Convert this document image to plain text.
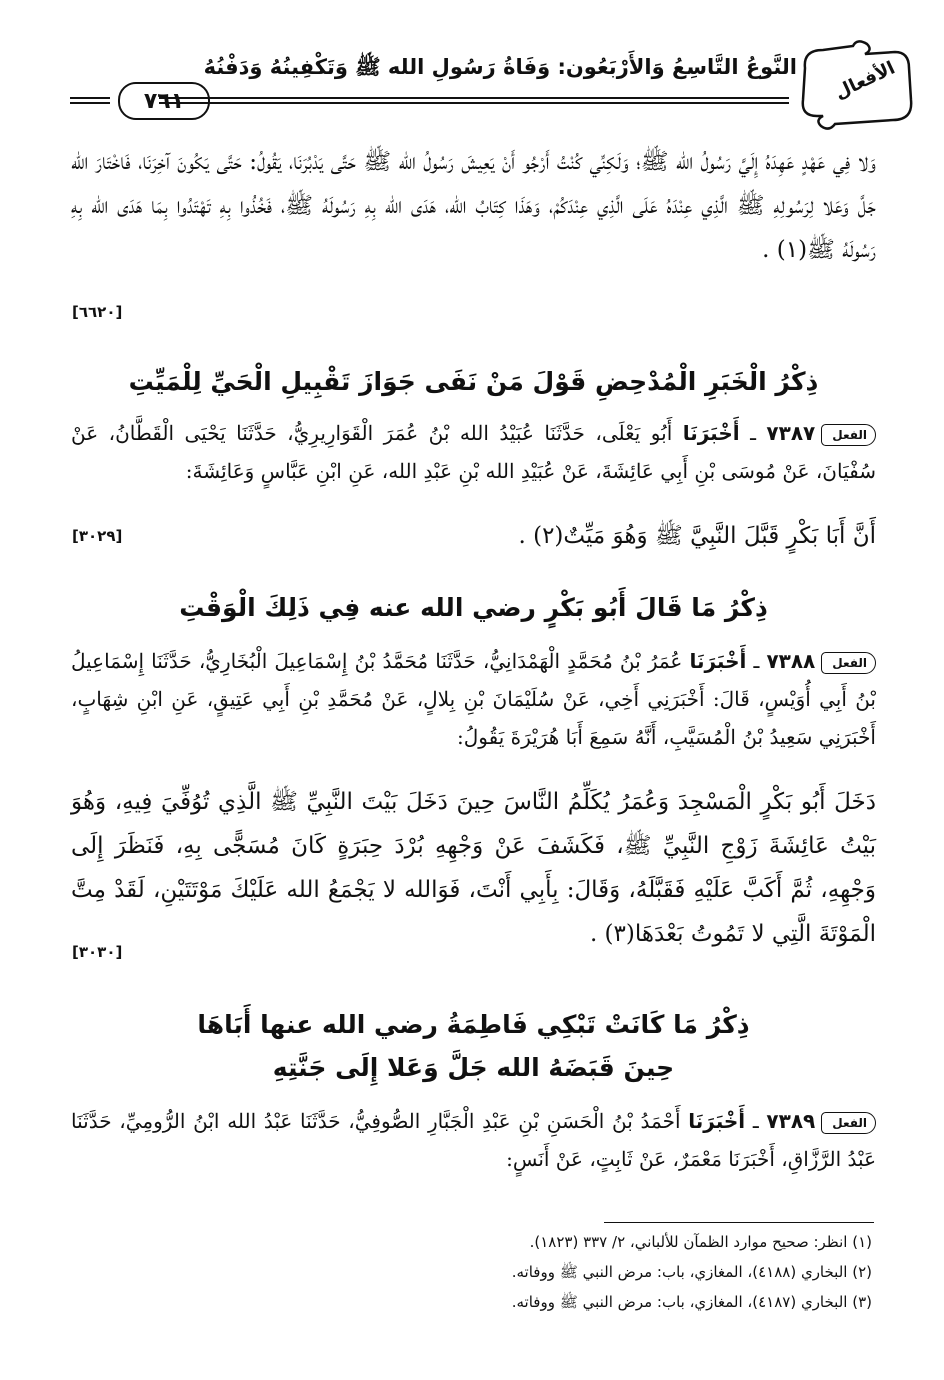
الأفعال
النَّوعُ التَّاسِعُ وَالأَرْبَعُون: وَفَاةُ رَسُولِ الله ﷺ وَتَكْفِينُهُ وَدَفْنُهُ
٧٦١
وَلا فِي عَهْدٍ عَهِدَهُ إِلَيَّ رَسُولُ الله ﷺ؛ وَلَكِنِّي كُنْتُ أَرْجُو أَنْ يَعِيشَ رَسُولُ الله ﷺ حَتَّى يَدْبُرَنَا، يَقُولُ: حَتَّى يَكُونَ آخِرَنَا، فَاخْتَارَ الله جَلَّ وَعَلا لِرَسُولِهِ ﷺ الَّذِي عِنْدَهُ عَلَى الَّذِي عِنْدَكُمْ، وَهَذَا كِتَابُ الله، هَدَى الله بِهِ رَسُولَهُ ﷺ، فَخُذُوا بِهِ تَهْتَدُوا بِمَا هَدَى الله بِهِ رَسُولَهُ ﷺ(١) .
[٦٦٢٠]
ذِكْرُ الْخَبَرِ الْمُدْحِضِ قَوْلَ مَنْ نَفَى جَوَازَ تَقْبِيلِ الْحَيِّ لِلْمَيِّتِ
الفعل٧٣٨٧ ـ أَخْبَرَنَا أَبُو يَعْلَى، حَدَّثَنَا عُبَيْدُ الله بْنُ عُمَرَ الْقَوَارِيرِيُّ، حَدَّثَنَا يَحْيَى الْقَطَّانُ، عَنْ سُفْيَانَ، عَنْ مُوسَى بْنِ أَبِي عَائِشَةَ، عَنْ عُبَيْدِ الله بْنِ عَبْدِ الله، عَنِ ابْنِ عَبَّاسٍ وَعَائِشَةَ:
أَنَّ أَبَا بَكْرٍ قَبَّلَ النَّبِيَّ ﷺ وَهُوَ مَيِّتٌ(٢) .
[٣٠٢٩]
ذِكْرُ مَا قَالَ أَبُو بَكْرٍ رضي الله عنه فِي ذَلِكَ الْوَقْتِ
الفعل٧٣٨٨ ـ أَخْبَرَنَا عُمَرُ بْنُ مُحَمَّدٍ الْهَمْدَانِيُّ، حَدَّثَنَا مُحَمَّدُ بْنُ إِسْمَاعِيلَ الْبُخَارِيُّ، حَدَّثَنَا إِسْمَاعِيلُ بْنُ أَبِي أُوَيْسٍ، قَالَ: أَخْبَرَنِي أَخِي، عَنْ سُلَيْمَانَ بْنِ بِلالٍ، عَنْ مُحَمَّدِ بْنِ أَبِي عَتِيقٍ، عَنِ ابْنِ شِهَابٍ، أَخْبَرَنِي سَعِيدُ بْنُ الْمُسَيَّبِ، أَنَّهُ سَمِعَ أَبَا هُرَيْرَةَ يَقُولُ:
دَخَلَ أَبُو بَكْرٍ الْمَسْجِدَ وَعُمَرُ يُكَلِّمُ النَّاسَ حِينَ دَخَلَ بَيْتَ النَّبِيِّ ﷺ الَّذِي تُوُفِّيَ فِيهِ، وَهُوَ بَيْتُ عَائِشَةَ زَوْجِ النَّبِيِّ ﷺ، فَكَشَفَ عَنْ وَجْهِهِ بُرْدَ حِبَرَةٍ كَانَ مُسَجًّى بِهِ، فَنَظَرَ إِلَى وَجْهِهِ، ثُمَّ أَكَبَّ عَلَيْهِ فَقَبَّلَهُ، وَقَالَ: بِأَبِي أَنْتَ، فَوَالله لا يَجْمَعُ الله عَلَيْكَ مَوْتَتَيْنِ، لَقَدْ مِتَّ الْمَوْتَةَ الَّتِي لا تَمُوتُ بَعْدَهَا(٣) .
[٣٠٣٠]
ذِكْرُ مَا كَانَتْ تَبْكِي فَاطِمَةُ رضي الله عنها أَبَاهَا
حِينَ قَبَضَهُ الله جَلَّ وَعَلا إِلَى جَنَّتِهِ
الفعل٧٣٨٩ ـ أَخْبَرَنَا أَحْمَدُ بْنُ الْحَسَنِ بْنِ عَبْدِ الْجَبَّارِ الصُّوفِيُّ، حَدَّثَنَا عَبْدُ الله ابْنُ الرُّومِيِّ، حَدَّثَنَا عَبْدُ الرَّزَّاقِ، أَخْبَرَنَا مَعْمَرٌ، عَنْ ثَابِتٍ، عَنْ أَنَسٍ:
(١) انظر: صحيح موارد الظمآن للألباني، ٢/ ٣٣٧ (١٨٢٣).
(٢) البخاري (٤١٨٨)، المغازي، باب: مرض النبي ﷺ ووفاته.
(٣) البخاري (٤١٨٧)، المغازي، باب: مرض النبي ﷺ ووفاته.
